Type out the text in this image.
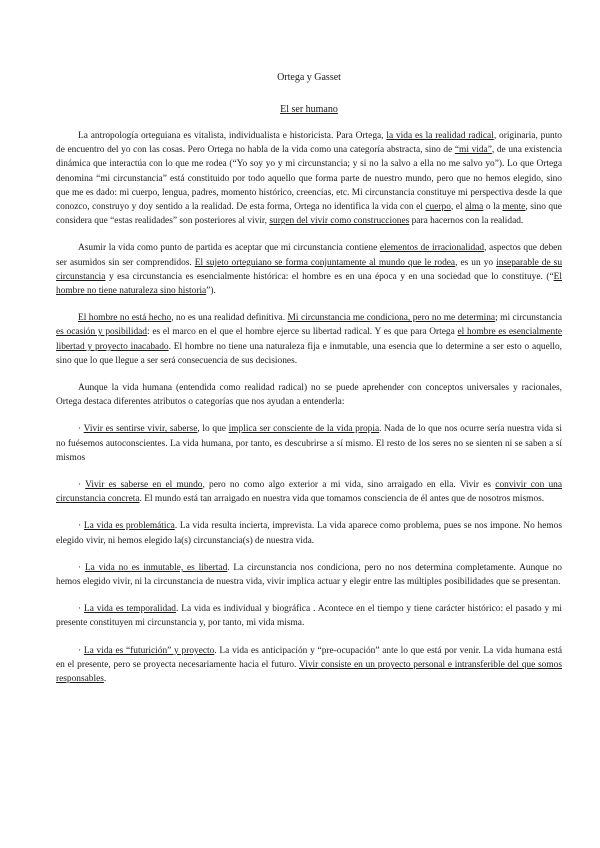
Ortega y Gasset
El ser humano

La antropología orteguiana es vitalista, individualista e historicista. Para Ortega, la vida es la realidad radical, originaria, punto de encuentro del yo con las cosas. Pero Ortega no habla de la vida como una categoría abstracta, sino de “mi vida”, de una existencia dinámica que interactúa con lo que me rodea (“Yo soy yo y mi circunstancia; y si no la salvo a ella no me salvo yo”). Lo que Ortega denomina “mi circunstancia” está constituido por todo aquello que forma parte de nuestro mundo, pero que no hemos elegido, sino que me es dado: mi cuerpo, lengua, padres, momento histórico, creencias, etc. Mi circunstancia constituye mi perspectiva desde la que conozco, construyo y doy sentido a la realidad. De esta forma, Ortega no identifica la vida con el cuerpo, el alma o la mente, sino que considera que “estas realidades” son posteriores al vivir, surgen del vivir como construcciones para hacernos con la realidad.

Asumir la vida como punto de partida es aceptar que mi circunstancia contiene elementos de irracionalidad, aspectos que deben ser asumidos sin ser comprendidos. El sujeto orteguiano se forma conjuntamente al mundo que le rodea, es un yo inseparable de su circunstancia y esa circunstancia es esencialmente histórica: el hombre es en una época y en una sociedad que lo constituye. (“El hombre no tiene naturaleza sino historia”).

El hombre no está hecho, no es una realidad definitiva. Mi circunstancia me condiciona, pero no me determina; mi circunstancia es ocasión y posibilidad: es el marco en el que el hombre ejerce su libertad radical. Y es que para Ortega el hombre es esencialmente libertad y proyecto inacabado. El hombre no tiene una naturaleza fija e inmutable, una esencia que lo determine a ser esto o aquello, sino que lo que llegue a ser será consecuencia de sus decisiones.

Aunque la vida humana (entendida como realidad radical) no se puede aprehender con conceptos universales y racionales, Ortega destaca diferentes atributos o categorías que nos ayudan a entenderla:

· Vivir es sentirse vivir, saberse, lo que implica ser consciente de la vida propia. Nada de lo que nos ocurre sería nuestra vida si no fuésemos autoconscientes. La vida humana, por tanto, es descubrirse a sí mismo. El resto de los seres no se sienten ni se saben a sí mismos

· Vivir es saberse en el mundo, pero no como algo exterior a mi vida, sino arraigado en ella. Vivir es convivir con una circunstancia concreta. El mundo está tan arraigado en nuestra vida que tomamos consciencia de él antes que de nosotros mismos.

· La vida es problemática. La vida resulta incierta, imprevista. La vida aparece como problema, pues se nos impone. No hemos elegido vivir, ni hemos elegido la(s) circunstancia(s) de nuestra vida.

· La vida no es inmutable, es libertad. La circunstancia nos condiciona, pero no nos determina completamente. Aunque no hemos elegido vivir, ni la circunstancia de nuestra vida, vivir implica actuar y elegir entre las múltiples posibilidades que se presentan.

· La vida es temporalidad. La vida es individual y biográfica . Acontece en el tiempo y tiene carácter histórico: el pasado y mi presente constituyen mi circunstancia y, por tanto, mi vida misma.

· La vida es “futurición” y proyecto. La vida es anticipación y “pre-ocupación” ante lo que está por venir. La vida humana está en el presente, pero se proyecta necesariamente hacia el futuro. Vivir consiste en un proyecto personal e intransferible del que somos responsables.
